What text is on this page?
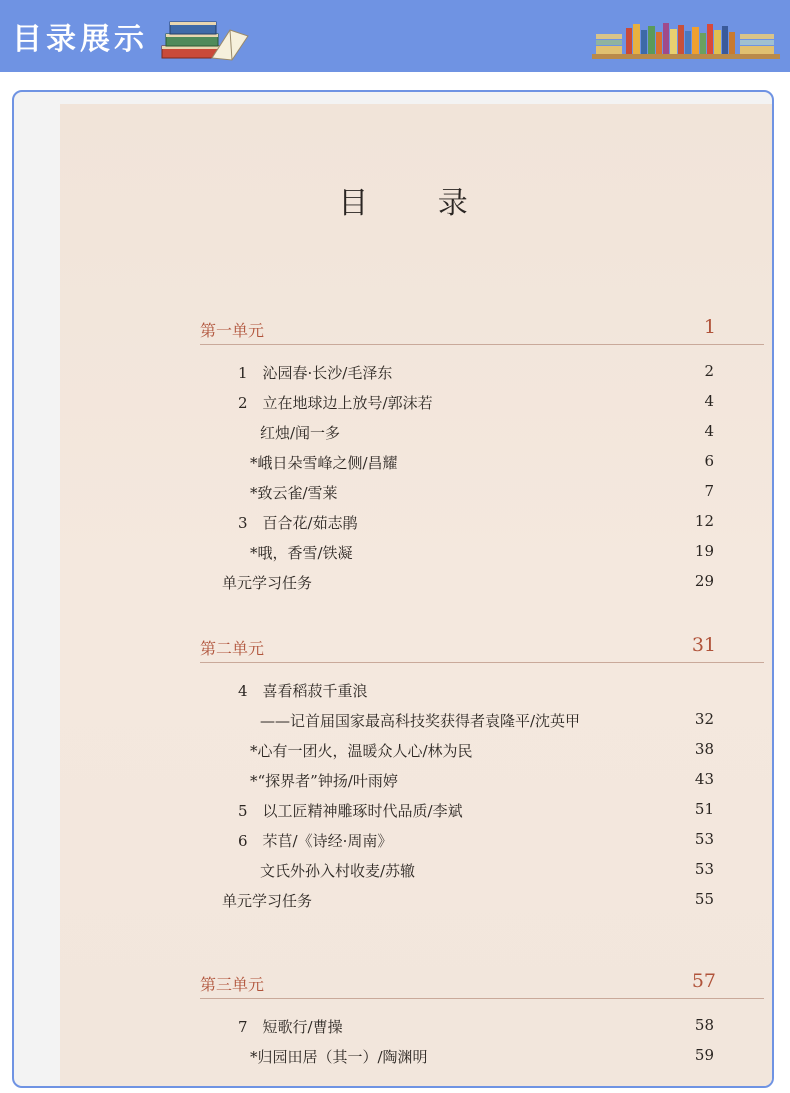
目录展示
目 录
第一单元	1
1　沁园春·长沙/毛泽东	2
2　立在地球边上放号/郭沫若	4
红烛/闻一多	4
*峨日朵雪峰之侧/昌耀	6
*致云雀/雪莱	7
3　百合花/茹志鹃	12
*哦，香雪/铁凝	19
单元学习任务	29
第二单元	31
4　喜看稻菽千重浪
——记首届国家最高科技奖获得者袁隆平/沈英甲	32
*心有一团火，温暖众人心/林为民	38
*“探界者”钟扬/叶雨婷	43
5　以工匠精神雕琢时代品质/李斌	51
6　芣苢/《诗经·周南》	53
文氏外孙入村收麦/苏辙	53
单元学习任务	55
第三单元	57
7　短歌行/曹操	58
*归园田居（其一）/陶渊明	59
